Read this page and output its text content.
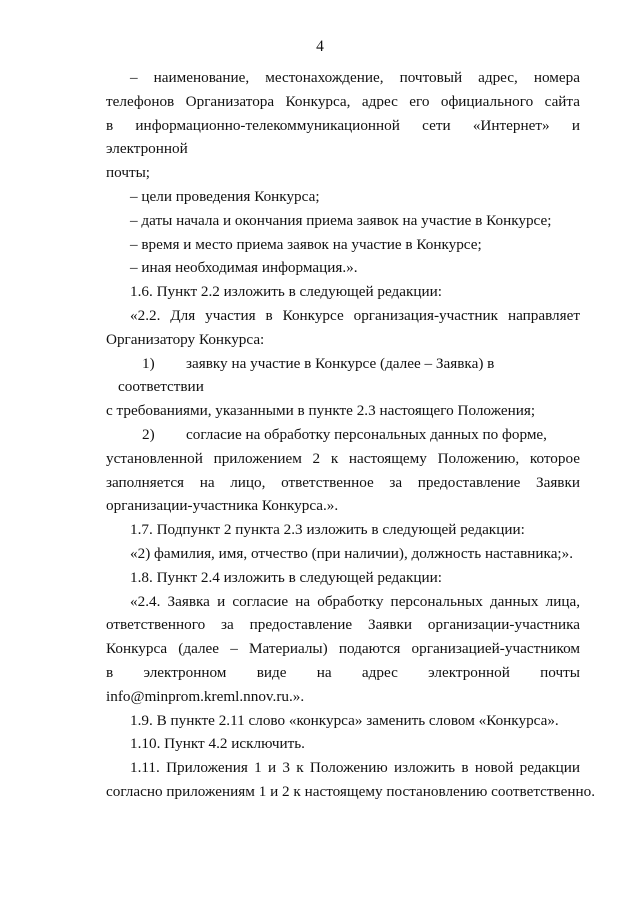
4
– наименование, местонахождение, почтовый адрес, номера
телефонов Организатора Конкурса, адрес его официального сайта
в информационно-телекоммуникационной сети «Интернет» и электронной
почты;

– цели проведения Конкурса;

– даты начала и окончания приема заявок на участие в Конкурсе;

– время и место приема заявок на участие в Конкурсе;

– иная необходимая информация.».

1.6. Пункт 2.2 изложить в следующей редакции:

«2.2. Для участия в Конкурсе организация-участник направляет
Организатору Конкурса:
1) заявку на участие в Конкурсе (далее – Заявка) в соответствии
с требованиями, указанными в пункте 2.3 настоящего Положения;
2) согласие на обработку персональных данных по форме,
установленной приложением 2 к настоящему Положению, которое
заполняется на лицо, ответственное за предоставление Заявки
организации-участника Конкурса.».

1.7. Подпункт 2 пункта 2.3 изложить в следующей редакции:

«2) фамилия, имя, отчество (при наличии), должность наставника;».

1.8. Пункт 2.4 изложить в следующей редакции:

«2.4. Заявка и согласие на обработку персональных данных лица,
ответственного за предоставление Заявки организации-участника
Конкурса (далее – Материалы) подаются организацией-участником
в электронном виде на адрес электронной почты
info@minprom.kreml.nnov.ru.».

1.9. В пункте 2.11 слово «конкурса» заменить словом «Конкурса».

1.10. Пункт 4.2 исключить.

1.11. Приложения 1 и 3 к Положению изложить в новой редакции
согласно приложениям 1 и 2 к настоящему постановлению соответственно.
